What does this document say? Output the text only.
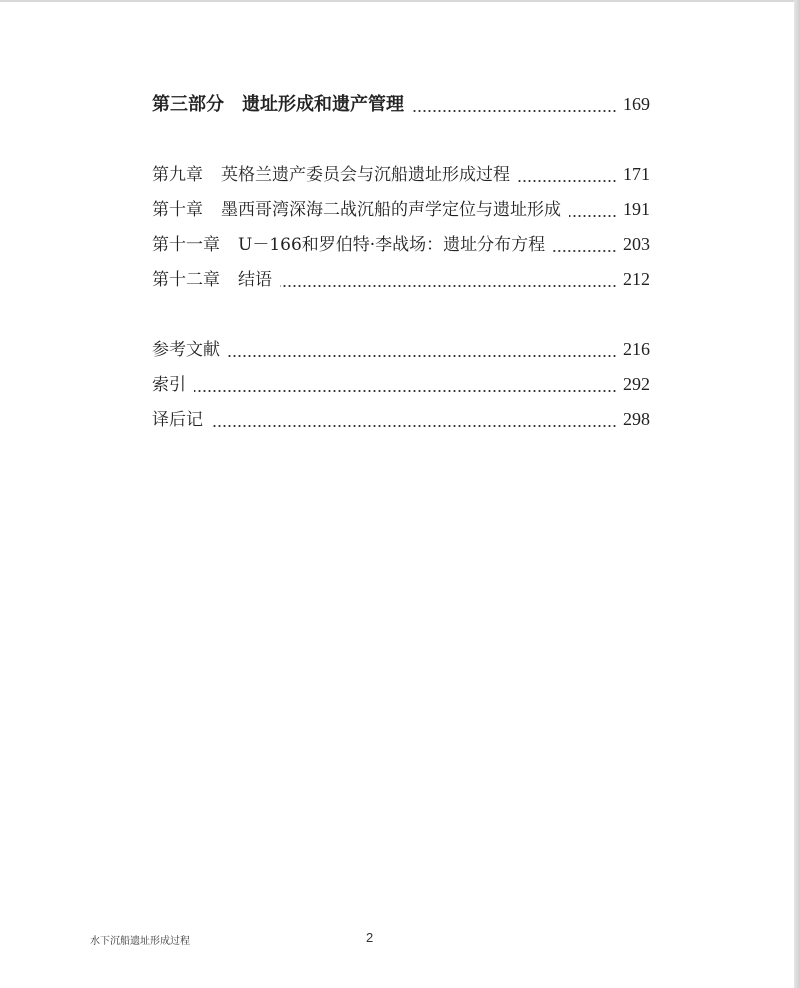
第三部分 遗址形成和遗产管理	169
第九章 英格兰遗产委员会与沉船遗址形成过程	171
第十章 墨西哥湾深海二战沉船的声学定位与遗址形成	191
第十一章 U－166和罗伯特·李战场：遗址分布方程	203
第十二章 结语	212
参考文献	216
索引	292
译后记	298
水下沉船遗址形成过程	2
